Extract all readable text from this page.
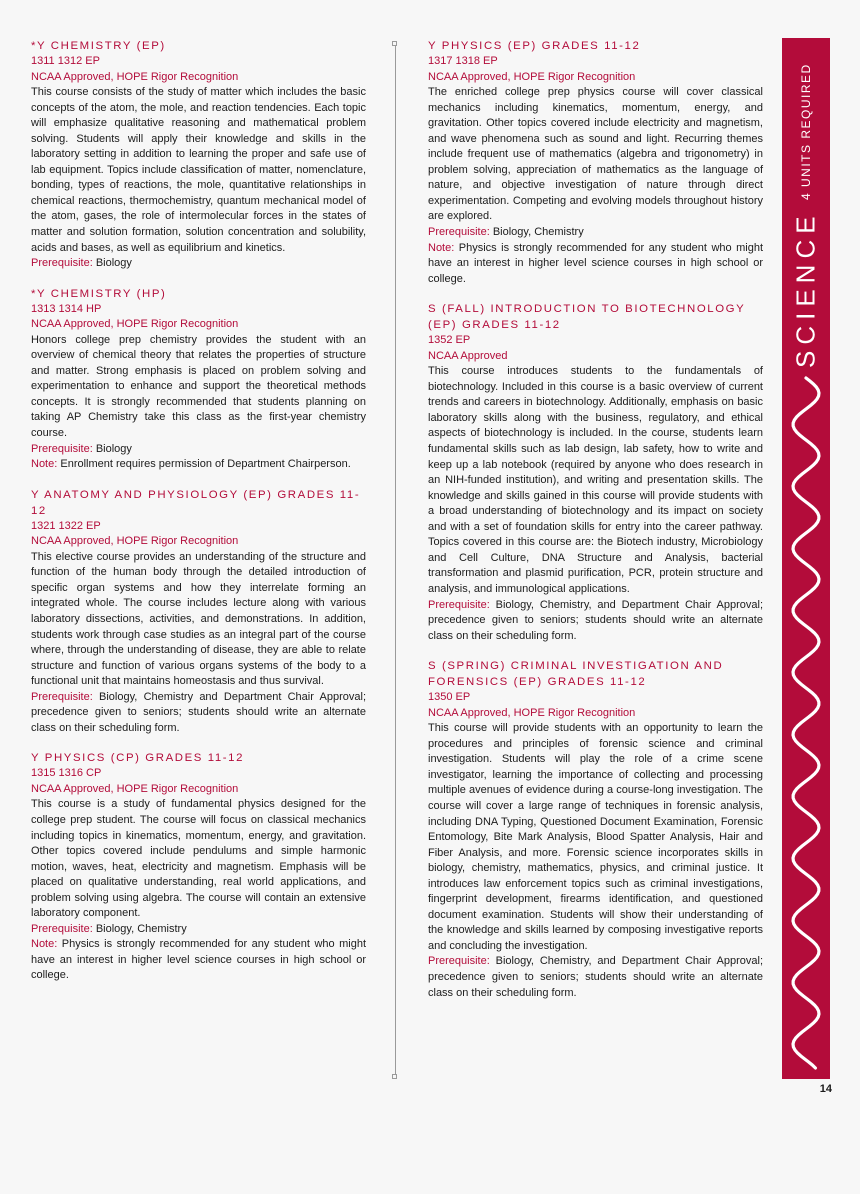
*Y CHEMISTRY (EP)
1311 1312 EP
NCAA Approved, HOPE Rigor Recognition
This course consists of the study of matter which includes the basic concepts of the atom, the mole, and reaction tendencies. Each topic will emphasize qualitative reasoning and mathematical problem solving. Students will apply their knowledge and skills in the laboratory setting in addition to learning the proper and safe use of lab equipment. Topics include classification of matter, nomenclature, bonding, types of reactions, the mole, quantitative relationships in chemical reactions, thermochemistry, quantum mechanical model of the atom, gases, the role of intermolecular forces in the states of matter and solution formation, solution concentration and solubility, acids and bases, as well as equilibrium and kinetics.
Prerequisite: Biology
*Y CHEMISTRY (HP)
1313 1314 HP
NCAA Approved, HOPE Rigor Recognition
Honors college prep chemistry provides the student with an overview of chemical theory that relates the properties of structure and matter. Strong emphasis is placed on problem solving and experimentation to enhance and support the theoretical methods concepts. It is strongly recommended that students planning on taking AP Chemistry take this class as the first-year chemistry course.
Prerequisite: Biology
Note: Enrollment requires permission of Department Chairperson.
Y ANATOMY AND PHYSIOLOGY (EP) GRADES 11-12
1321 1322 EP
NCAA Approved, HOPE Rigor Recognition
This elective course provides an understanding of the structure and function of the human body through the detailed introduction of specific organ systems and how they interrelate forming an integrated whole. The course includes lecture along with various laboratory dissections, activities, and demonstrations. In addition, students work through case studies as an integral part of the course where, through the understanding of disease, they are able to relate structure and function of various organs systems of the body to a functional unit that maintains homeostasis and thus survival.
Prerequisite: Biology, Chemistry and Department Chair Approval; precedence given to seniors; students should write an alternate class on their scheduling form.
Y PHYSICS (CP) GRADES 11-12
1315 1316 CP
NCAA Approved, HOPE Rigor Recognition
This course is a study of fundamental physics designed for the college prep student. The course will focus on classical mechanics including topics in kinematics, momentum, energy, and gravitation. Other topics covered include pendulums and simple harmonic motion, waves, heat, electricity and magnetism. Emphasis will be placed on qualitative understanding, real world applications, and problem solving using algebra. The course will contain an extensive laboratory component.
Prerequisite: Biology, Chemistry
Note: Physics is strongly recommended for any student who might have an interest in higher level science courses in high school or college.
Y PHYSICS (EP) GRADES 11-12
1317 1318 EP
NCAA Approved, HOPE Rigor Recognition
The enriched college prep physics course will cover classical mechanics including kinematics, momentum, energy, and gravitation. Other topics covered include electricity and magnetism, and wave phenomena such as sound and light. Recurring themes include frequent use of mathematics (algebra and trigonometry) in problem solving, appreciation of mathematics as the language of nature, and objective investigation of nature through direct experimentation. Competing and evolving models throughout history are explored.
Prerequisite: Biology, Chemistry
Note: Physics is strongly recommended for any student who might have an interest in higher level science courses in high school or college.
S (FALL) INTRODUCTION TO BIOTECHNOLOGY (EP) GRADES 11-12
1352 EP
NCAA Approved
This course introduces students to the fundamentals of biotechnology. Included in this course is a basic overview of current trends and careers in biotechnology. Additionally, emphasis on basic laboratory skills along with the business, regulatory, and ethical aspects of biotechnology is included. In the course, students learn fundamental skills such as lab design, lab safety, how to write and keep up a lab notebook (required by anyone who does research in an NIH-funded institution), and writing and presentation skills. The knowledge and skills gained in this course will provide students with a broad understanding of biotechnology and its impact on society and with a set of foundation skills for entry into the career pathway. Topics covered in this course are: the Biotech industry, Microbiology and Cell Culture, DNA Structure and Analysis, bacterial transformation and plasmid purification, PCR, protein structure and analysis, and immunological applications.
Prerequisite: Biology, Chemistry, and Department Chair Approval; precedence given to seniors; students should write an alternate class on their scheduling form.
S (SPRING) CRIMINAL INVESTIGATION AND FORENSICS (EP) GRADES 11-12
1350 EP
NCAA Approved, HOPE Rigor Recognition
This course will provide students with an opportunity to learn the procedures and principles of forensic science and criminal investigation. Students will play the role of a crime scene investigator, learning the importance of collecting and processing multiple avenues of evidence during a course-long investigation. The course will cover a large range of techniques in forensic analysis, including DNA Typing, Questioned Document Examination, Forensic Entomology, Bite Mark Analysis, Blood Spatter Analysis, Hair and Fiber Analysis, and more. Forensic science incorporates skills in biology, chemistry, mathematics, physics, and criminal justice. It introduces law enforcement topics such as criminal investigations, fingerprint development, firearms identification, and questioned document examination. Students will show their understanding of the knowledge and skills learned by composing investigative reports and concluding the investigation.
Prerequisite: Biology, Chemistry, and Department Chair Approval; precedence given to seniors; students should write an alternate class on their scheduling form.
SCIENCE
4 UNITS REQUIRED
14
